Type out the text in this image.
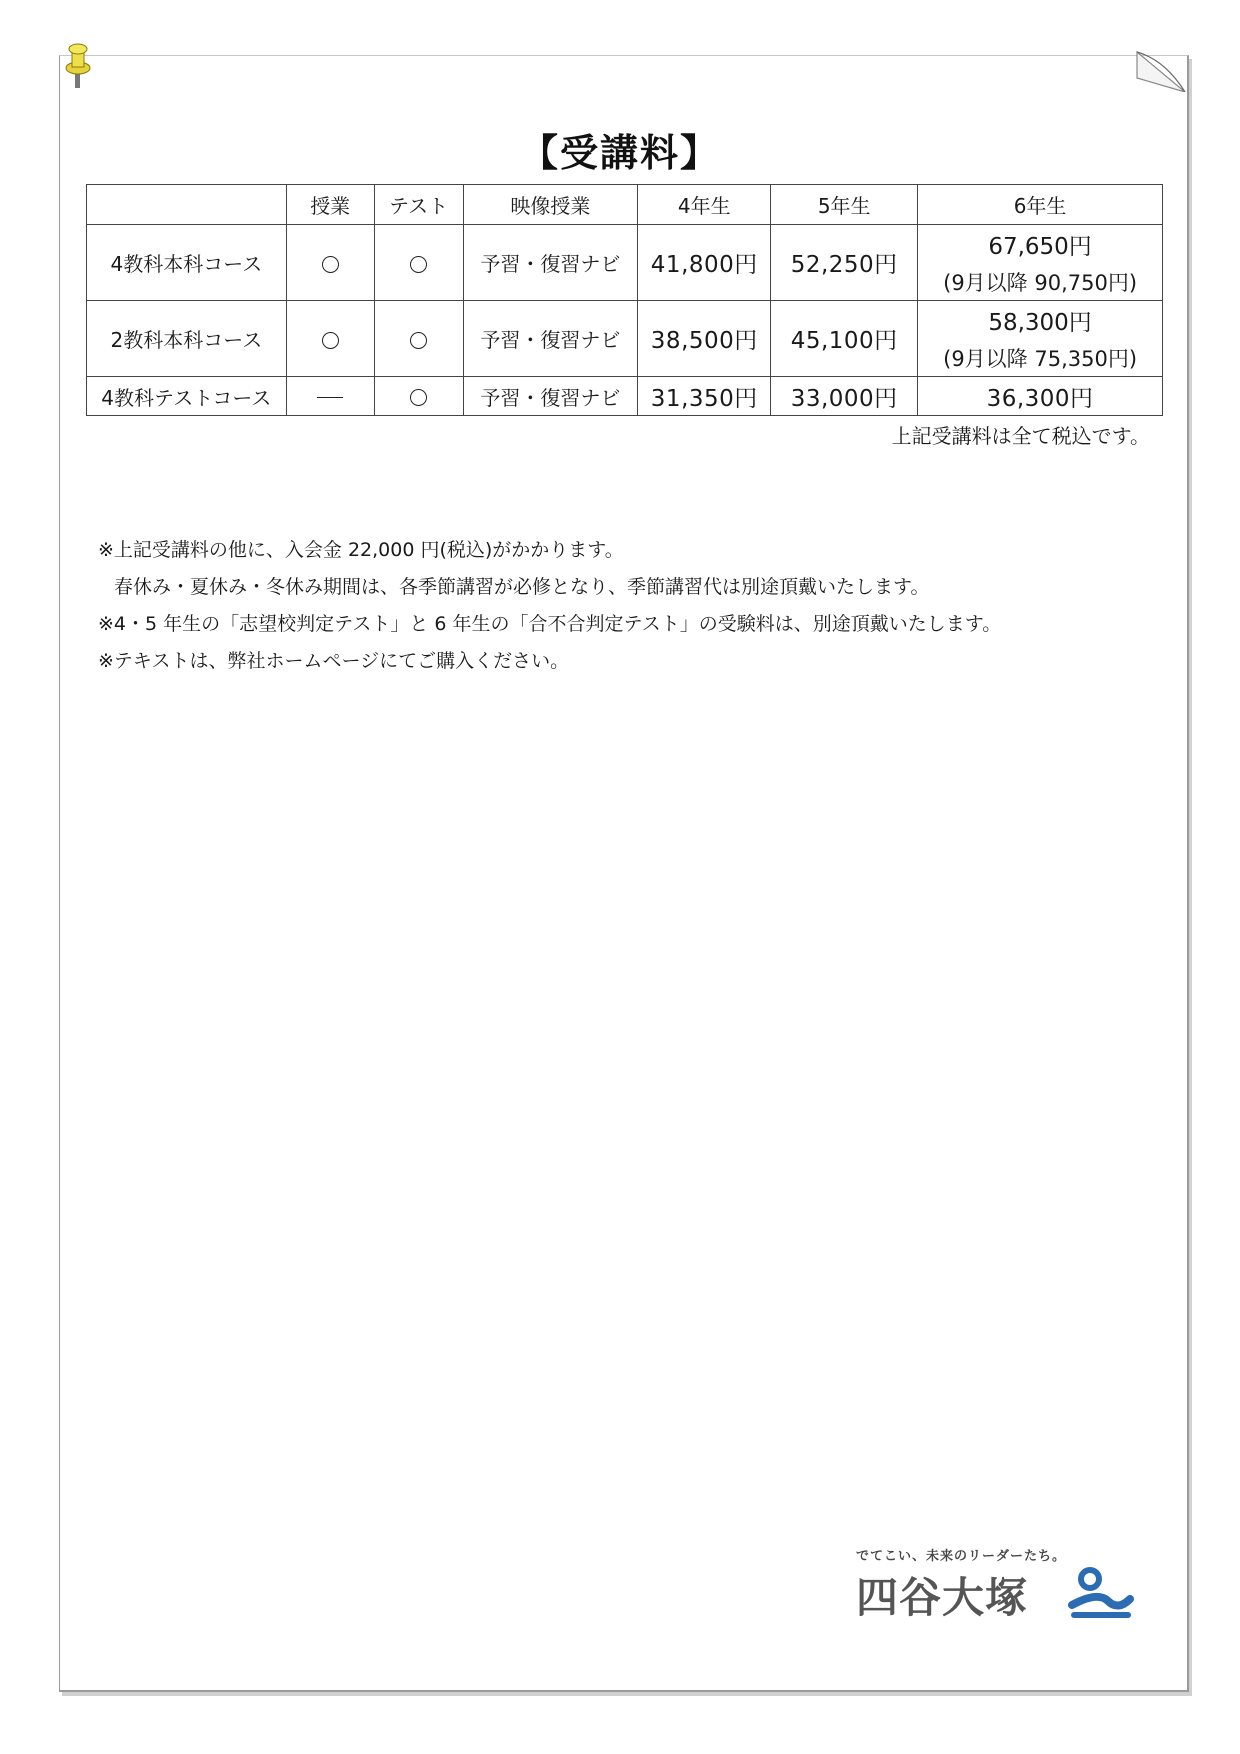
【受講料】
	授業	テスト	映像授業	4年生	5年生	6年生
4教科本科コース			予習・復習ナビ	41,800円	52,250円	67,650円
(9月以降 90,750円)

2教科本科コース			予習・復習ナビ	38,500円	45,100円	58,300円
(9月以降 75,350円)

4教科テストコース			予習・復習ナビ	31,350円	33,000円	36,300円
上記受講料は全て税込です。
※上記受講料の他に、入会金 22,000 円(税込)がかかります。
春休み・夏休み・冬休み期間は、各季節講習が必修となり、季節講習代は別途頂戴いたします。
※4・5 年生の「志望校判定テスト」と 6 年生の「合不合判定テスト」の受験料は、別途頂戴いたします。
※テキストは、弊社ホームページにてご購入ください。
でてこい、未来のリーダーたち。
四谷大塚
